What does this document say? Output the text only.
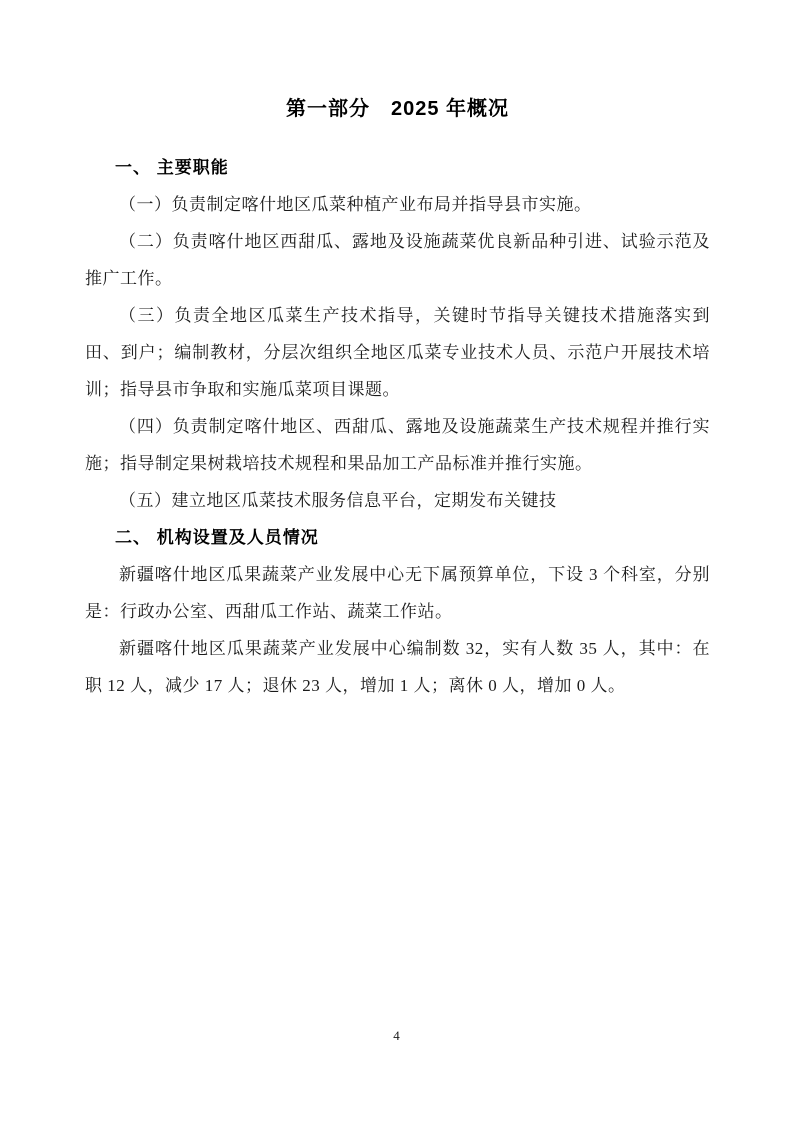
第一部分　2025 年概况
一、 主要职能

（一）负责制定喀什地区瓜菜种植产业布局并指导县市实施。

（二）负责喀什地区西甜瓜、露地及设施蔬菜优良新品种引进、试验示范及推广工作。

（三）负责全地区瓜菜生产技术指导，关键时节指导关键技术措施落实到田、到户；编制教材，分层次组织全地区瓜菜专业技术人员、示范户开展技术培训；指导县市争取和实施瓜菜项目课题。

（四）负责制定喀什地区、西甜瓜、露地及设施蔬菜生产技术规程并推行实施；指导制定果树栽培技术规程和果品加工产品标准并推行实施。

（五）建立地区瓜菜技术服务信息平台，定期发布关键技

二、 机构设置及人员情况

新疆喀什地区瓜果蔬菜产业发展中心无下属预算单位，下设 3 个科室，分别是：行政办公室、西甜瓜工作站、蔬菜工作站。

新疆喀什地区瓜果蔬菜产业发展中心编制数 32，实有人数 35 人，其中：在职 12 人，减少 17 人；退休 23 人，增加 1 人；离休 0 人，增加 0 人。

4
